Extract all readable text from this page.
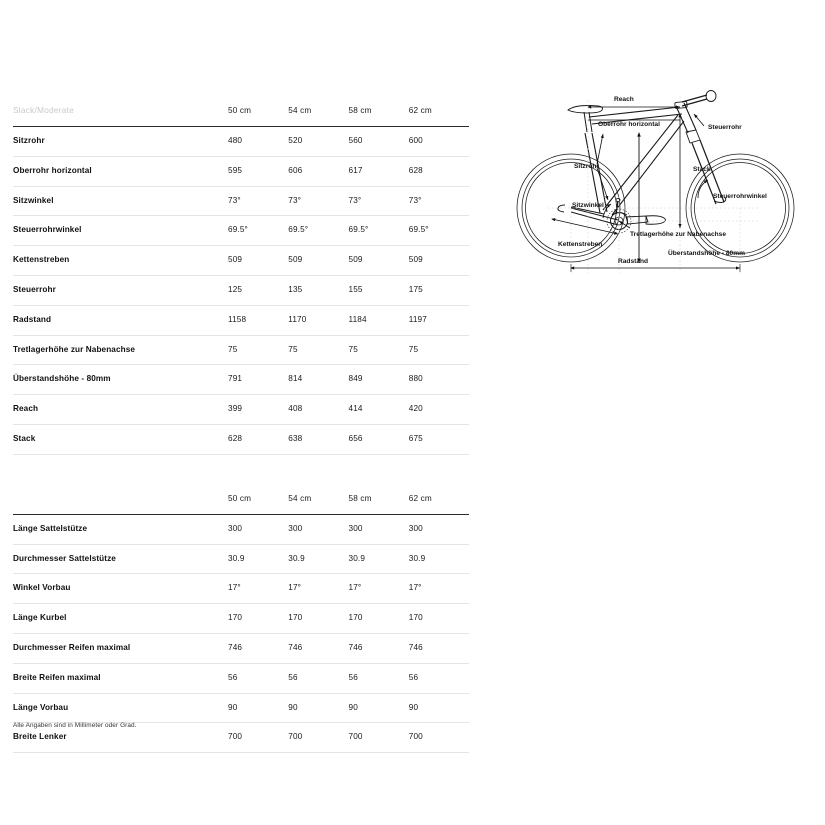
Slack/Moderate	50 cm	54 cm	58 cm	62 cm
Sitzrohr	480	520	560	600
Oberrohr horizontal	595	606	617	628
Sitzwinkel	73°	73°	73°	73°
Steuerrohrwinkel	69.5°	69.5°	69.5°	69.5°
Kettenstreben	509	509	509	509
Steuerrohr	125	135	155	175
Radstand	1158	1170	1184	1197
Tretlagerhöhe zur Nabenachse	75	75	75	75
Überstandshöhe - 80mm	791	814	849	880
Reach	399	408	414	420
Stack	628	638	656	675
	50 cm	54 cm	58 cm	62 cm
Länge Sattelstütze	300	300	300	300
Durchmesser Sattelstütze	30.9	30.9	30.9	30.9
Winkel Vorbau	17°	17°	17°	17°
Länge Kurbel	170	170	170	170
Durchmesser Reifen maximal	746	746	746	746
Breite Reifen maximal	56	56	56	56
Länge Vorbau	90	90	90	90
Breite Lenker	700	700	700	700
Alle Angaben sind in Millimeter oder Grad.
Reach
Oberrohr horizontal	Steuerrohr
Stack
Steuerrohrwinkel
Sitzrohr
Sitzwinkel
Tretlagerhöhe zur Nabenachse
Überstandshöhe - 80mm
Kettenstreben
Radstand
